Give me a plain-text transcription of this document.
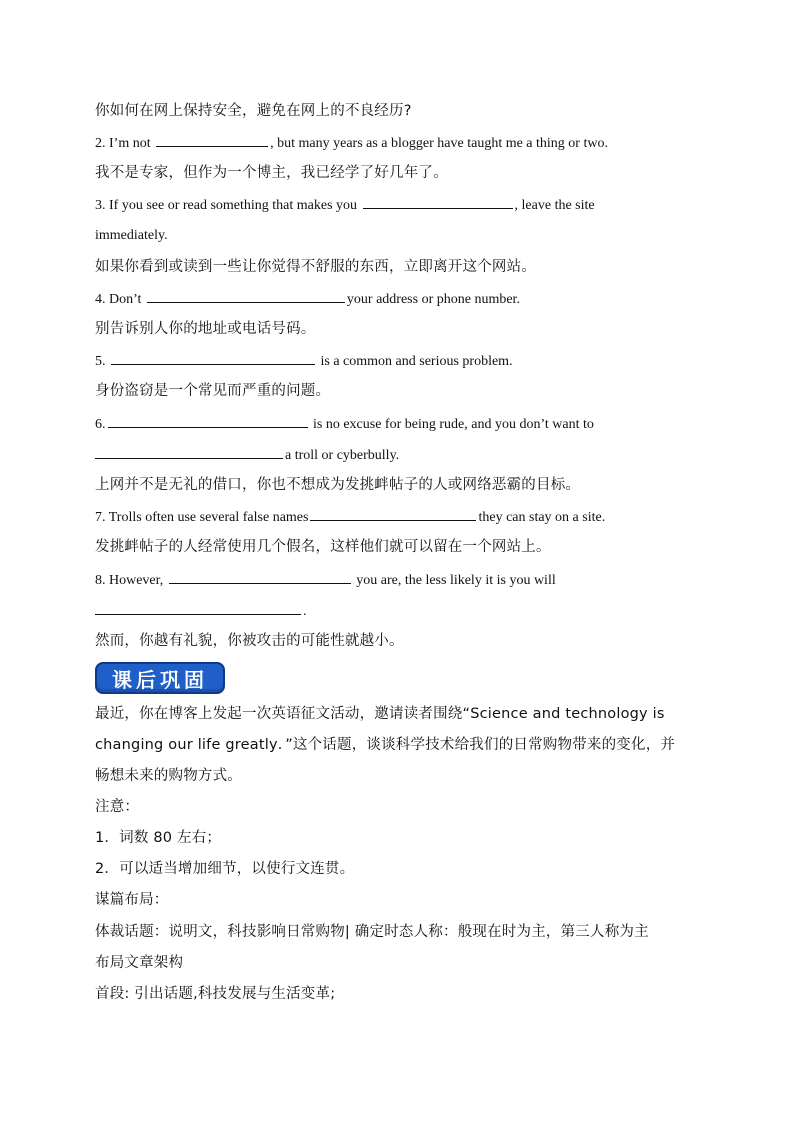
你如何在网上保持安全，避免在网上的不良经历?
2. I’m not	, but many years as a blogger have taught me a thing or two.
我不是专家，但作为一个博主，我已经学了好几年了。
3. If you see or read something that makes you	, leave the site
immediately.
如果你看到或读到一些让你觉得不舒服的东西，立即离开这个网站。
4. Don’t	your address or phone number.
别告诉别人你的地址或电话号码。
5.	is a common and serious problem.
身份盗窃是一个常见而严重的问题。
6.	is no excuse for being rude, and you don’t want to
a troll or cyberbully.
上网并不是无礼的借口，你也不想成为发挑衅帖子的人或网络恶霸的目标。
7. Trolls often use several false names	they can stay on a site.
发挑衅帖子的人经常使用几个假名，这样他们就可以留在一个网站上。
8. However,	you are, the less likely it is you will
.
然而，你越有礼貌，你被攻击的可能性就越小。
课后巩固
最近，你在博客上发起一次英语征文活动，邀请读者围绕“Science and technology is
changing our life greatly．”这个话题，谈谈科学技术给我们的日常购物带来的变化，并
畅想未来的购物方式。
注意：
1．词数 80 左右；
2．可以适当增加细节，以使行文连贯。
谋篇布局：
体裁话题：说明文，科技影响日常购物| 确定时态人称：般现在时为主，第三人称为主
布局文章架构
首段: 引出话题,科技发展与生活变革;
